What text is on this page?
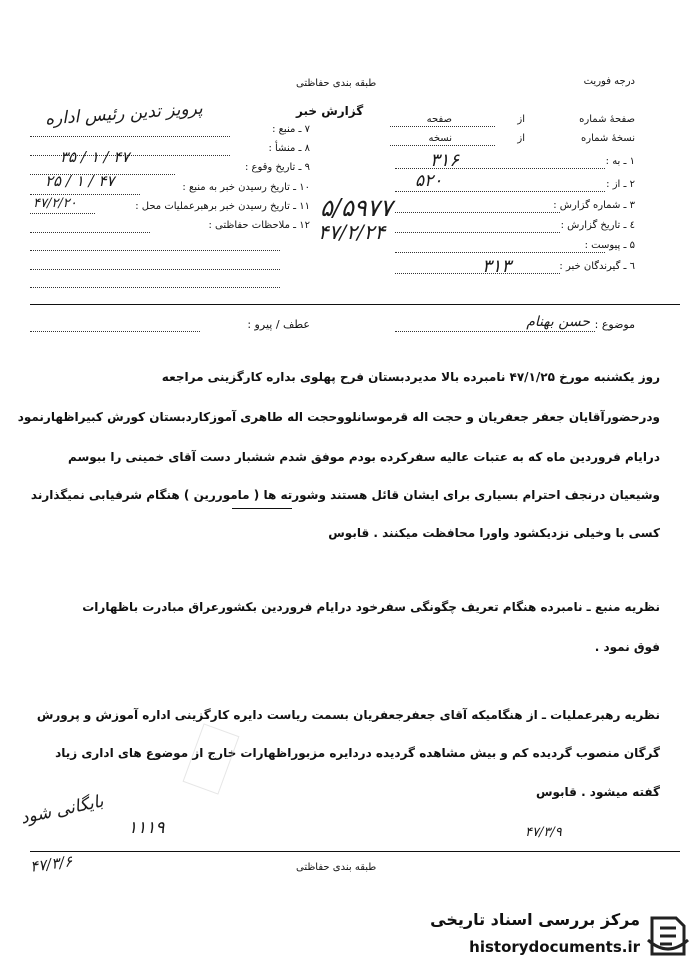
درجه فوریت
طبقه بندی حفاظتی
گزارش خبر
صفحهٔ شماره
از
صفحه
نسخهٔ شماره
از
نسخه
۱ ـ به :
۲ ـ از :
۳ ـ شماره گزارش :
٤ ـ تاریخ گزارش :
۵ ـ پیوست :
٦ ـ گیرندگان خبر :
۷ ـ منبع :
۸ ـ منشأ :
۹ ـ تاریخ وقوع :
۱۰ ـ تاریخ رسیدن خبر به منبع :
۱۱ ـ تاریخ رسیدن خبر برهبرعملیات محل :
۱۲ ـ ملاحظات حفاظتی :
پرویز تدین رئیس اداره
۳۵ / ۱ / ۴۷
۲۵ / ۱ / ۴۷
۴۷/۲/۲۰
۳۱۶
۵۲۰
۵/۵۹۷۷
۴۷/۲/۲۴
۳۱۳
موضوع :
حسن بهنام
عطف / پیرو :
روز یکشنبه مورخ ۴۷/۱/۲۵ نامبرده بالا مدیردبستان فرح پهلوی بداره کارگزینی مراجعه
ودرحضورآقایان جعفر جعفریان و حجت اله قرموسانلووحجت اله طاهری آموزکاردبستان کورش کبیراظهارنمود
درایام فروردین ماه که به عتبات عالیه سفرکرده بودم موفق شدم ششبار دست آقای خمینی را ببوسم
وشیعیان درنجف احترام بسیاری برای ایشان قائل هستند وشورته ها ( ماموررین ) هنگام شرفیابی نمیگذارند
کسی با وخیلی نزدیکشود واورا محافظت میکنند . قابوس
نظریه منبع ـ نامبرده هنگام تعریف چگونگی سفرخود درایام فروردین بکشورعراق مبادرت باظهارات
فوق نمود .
نظریه رهبرعملیات ـ از هنگامیکه آقای جعفرجعفریان بسمت ریاست دایره کارگزینی اداره آموزش و پرورش
گرگان منصوب گردیده کم و بیش مشاهده گردیده دردایره مزبوراظهارات خارج از موضوع های اداری زیاد
گفته میشود . قابوس
بایگانی شود
۴۷/۳/۶
۱۱۱۹	۴۷/۳/۹
طبقه بندی حفاظتی
مرکز بررسی اسناد تاریخی
historydocuments.ir
